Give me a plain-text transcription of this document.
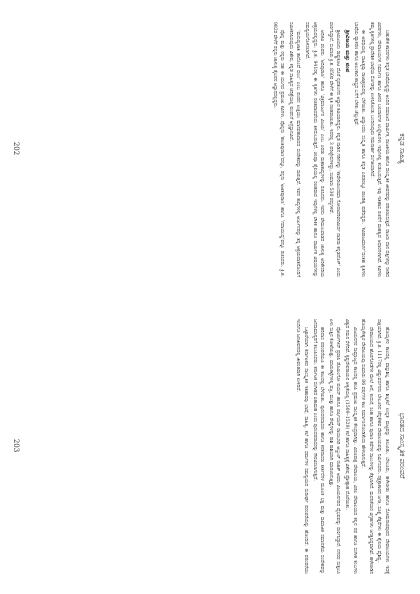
ಕನ್ನಡ ಸಾಹಿತ್ಯ

ಬಹುತೇಕ ಶಾಸನಗಳು ಕನ್ನಡ ಭಾಷೆಯಲ್ಲಿದ್ದು ಅಂದಿನ ಸಮಾಜದ ಧಾರ್ಮಿಕ, ರಾಜಕೀಯ ಹಾಗೂ ಸಾಂಸ್ಕೃತಿಕ ಜೀವನವನ್ನು ಪರಿಚಯಿಸುತ್ತವೆ. ರಾಜರು ದಾನ ದತ್ತಿಗಳನ್ನು ನೀಡಿದ ವಿವರಗಳು, ದೇವಾಲಯಗಳ ನಿರ್ಮಾಣ ಹಾಗೂ ವೀರರ ಬಲಿದಾನಗಳ ಉಲ್ಲೇಖಗಳು ಇವುಗಳಲ್ಲಿ ಕಂಡುಬರುತ್ತವೆ. ಇವು ಇತಿಹಾಸ ರಚನೆಗೆ ಮಹತ್ವದ ಆಧಾರಗಳಾಗಿವೆ. ಕವಿಗಳು ತಮ್ಮ ಕೃತಿಗಳಲ್ಲಿ ಪ್ರಾದೇಶಿಕ ಭಾಷೆಯ ಸೊಗಡನ್ನು ಉಳಿಸಿಕೊಂಡು ಬಂದಿರುವುದು ಗಮನಾರ್ಹ ಸಂಗತಿಯಾಗಿದೆ.

ಈ ಅವಧಿಯಲ್ಲಿ ಸಾಹಿತ್ಯವು ರಾಜಾಶ್ರಯದಲ್ಲಿ ಬೆಳೆಯಿತು. ವಿದ್ವಾಂಸರು ಸಂಸ್ಕೃತ ಹಾಗೂ ಕನ್ನಡ ಎರಡರಲ್ಲೂ ಪಾಂಡಿತ್ಯ ಪಡೆದಿದ್ದರು. ‘ಕವಿರಾಜಮಾರ್ಗ’ದಂತಹ ಕೃತಿಗಳು ಭಾಷೆಯ ವ್ಯಾಕರಣ ಹಾಗೂ ಅಲಂಕಾರ ಶಾಸ್ತ್ರದ ಬಗೆಗೆ ಬೆಳಕು ಚೆಲ್ಲುತ್ತವೆ.

ಶ್ರೀವಿಜಯ ಮತ್ತು ಪಂಪ

ಶ್ರೀವಿಜಯನು ರಾಷ್ಟ್ರಕೂಟ ದೊರೆ ನೃಪತುಂಗನ ಆಸ್ಥಾನ ಕವಿಯಾಗಿದ್ದನು. ಕನ್ನಡ ನಾಡಿನ ಗಡಿಗಳನ್ನು ‘ಕಾವೇರಿಯಿಂದಮಾ ಗೋದಾವರಿವರಮಿರ್ದ ನಾಡದಾ ಕನ್ನಡದೊಳ್’ ಎಂದು ವರ್ಣಿಸಿದ್ದಾನೆ. ಸುಮಾರು ಕ್ರಿ.ಶ. 850ರ ವೇಳೆಗೆ ಈ ಕೃತಿ ರಚಿತವಾಯಿತು. ಇದರಲ್ಲಿ 3 ಪರಿಚ್ಛೇದಗಳಿದ್ದು, ಸುಮಾರು 530 ಪದ್ಯಗಳಿವೆ.

ಆದಿಕವಿ ಪಂಪನು ‘ಆದಿಪುರಾಣ’ ಹಾಗೂ ‘ವಿಕ್ರಮಾರ್ಜುನ ವಿಜಯ’ ಎಂಬ ಎರಡು ಮಹಾಕಾವ್ಯಗಳನ್ನು ರಚಿಸಿದನು. ಇವನು ವೇಮುಲವಾಡದ ಚಾಳುಕ್ಯ ಅರಿಕೇಸರಿಯ ಆಶ್ರಯದಲ್ಲಿದ್ದನು. ಕ್ರಿ.ಶ. 941ರಲ್ಲಿ ಈ ಕೃತಿಗಳು ರಚಿತವಾದವೆಂದು ತಿಳಿದುಬರುತ್ತದೆ. ಚಂಪೂ ಶೈಲಿಯಲ್ಲಿ ರಚಿತವಾದ ಇವುಗಳಲ್ಲಿ ಲೌಕಿಕ ಹಾಗೂ ಧಾರ್ಮಿಕ ವಿಷಯಗಳನ್ನು ಸಮನ್ವಯಗೊಳಿಸಲಾಗಿದೆ.

‘ಮನುಷ್ಯಜಾತಿ ತಾನೊಂದೆ ವಲಂ’ ಎಂಬ ಪಂಪನ ಉಕ್ತಿಯು ಮಾನವತಾವಾದದ ಸಂದೇಶವನ್ನು ಸಾರುತ್ತದೆ. ಇವನ ಕಾವ್ಯಗಳಲ್ಲಿ ಅರ್ಜುನನನ್ನು ತನ್ನ ಆಶ್ರಯದಾತನೊಂದಿಗೆ ಸಮೀಕರಿಸಿರುವುದು ವಿಶೇಷ. ಕನ್ನಡ ಸಾಹಿತ್ಯದ ಚರಿತ್ರೆಯಲ್ಲಿ ಪಂಪನಿಗೆ ಅಗ್ರಸ್ಥಾನವಿದೆ.

ಪೊನ್ನ ಮತ್ತು ರನ್ನರು ಸಹ ಈ ಯುಗದ ಪ್ರಮುಖ ಕವಿಗಳು. ಪೊನ್ನನು ‘ಶಾಂತಿಪುರಾಣ’ವನ್ನೂ, ರನ್ನನು ‘ಅಜಿತಪುರಾಣ’ ಹಾಗೂ ‘ಗದಾಯುದ್ಧ’ವನ್ನೂ ರಚಿಸಿದರು. ಕ್ರಿ.ಶ. 982ರ ವೇಳೆಗೆ ರನ್ನನು ಚಾಳುಕ್ಯ ತೈಲಪನ ಆಸ್ಥಾನದಲ್ಲಿದ್ದನು.

202
ಭಾರತದ ಸಾಂಸ್ಕೃತಿಕ ಪರಂಪರೆ

ಹೊಯ್ಸಳರ ಕಾಲದಲ್ಲಿ ವಾಸ್ತುಶಿಲ್ಪ ಹಾಗೂ ಶಿಲ್ಪಕಲೆ ಉನ್ನತ ಮಟ್ಟವನ್ನು ತಲುಪಿತು. ಬೇಲೂರು, ಹಳೇಬೀಡು ಹಾಗೂ ಸೋಮನಾಥಪುರದ ದೇವಾಲಯಗಳು ಇದಕ್ಕೆ ಸಾಕ್ಷಿಯಾಗಿವೆ. ಕ್ರಿ.ಶ. 1117ರಲ್ಲಿ ವಿಷ್ಣುವರ್ಧನನು ಬೇಲೂರಿನ ಚೆನ್ನಕೇಶವ ದೇವಾಲಯವನ್ನು ನಿರ್ಮಿಸಿದನು. ನಕ್ಷತ್ರಾಕಾರದ ಜಗತಿ, ಸೂಕ್ಷ್ಮ ಕೆತ್ತನೆಗಳು ಈ ಶೈಲಿಯ ವೈಶಿಷ್ಟ್ಯ.

ದೇವಾಲಯದ ಹೊರಗೋಡೆಗಳ ಮೇಲೆ ಆನೆ, ಕುದುರೆ, ಸಿಂಹ ಹಾಗೂ ಪುರಾಣ ಕಥೆಗಳ ಸಾಲುಗಳನ್ನು ಕೆತ್ತಲಾಗಿದೆ. ಮದನಿಕೆಯರ ವಿಗ್ರಹಗಳು ಜಗತ್ಪ್ರಸಿದ್ಧವಾಗಿವೆ. ಹಳೇಬೀಡಿನ ಹೊಯ್ಸಳೇಶ್ವರ ದೇವಾಲಯವು ಸುಮಾರು 86 ವರ್ಷಗಳ ಕಾಲ ನಿರ್ಮಾಣಗೊಂಡಿತೆಂದು ಹೇಳಲಾಗುತ್ತದೆ.

ವಿಜಯನಗರ ಸಾಮ್ರಾಜ್ಯದ ಕಾಲದಲ್ಲಿ ಹಂಪಿ ಪ್ರಮುಖ ಸಾಂಸ್ಕೃತಿಕ ಕೇಂದ್ರವಾಗಿತ್ತು. ವಿರೂಪಾಕ್ಷ ದೇವಾಲಯ, ವಿಠಲ ದೇವಾಲಯದ ಕಲ್ಲಿನ ರಥ ಹಾಗೂ ಸಂಗೀತ ಕಂಬಗಳು ವಿಶ್ವದ ಗಮನ ಸೆಳೆದಿವೆ. ಕೃಷ್ಣದೇವರಾಯನ ಆಳ್ವಿಕೆಯಲ್ಲಿ (1509–1529) ಕಲೆ ಹಾಗೂ ಸಾಹಿತ್ಯಕ್ಕೆ ವಿಶೇಷ ಪ್ರೋತ್ಸಾಹ ದೊರೆಯಿತು.

ಪೋರ್ಚುಗೀಸ್ ಪ್ರವಾಸಿ ಡೊಮಿಂಗೋ ಪಯಸ್ ಹಾಗೂ ಪರ್ಷಿಯನ್ ರಾಯಭಾರಿ ಅಬ್ದುಲ್ ರಜಾಕ್ ಅವರು ವಿಜಯನಗರದ ವೈಭವವನ್ನು ವರ್ಣಿಸಿದ್ದಾರೆ. ನಗರದ ಸುತ್ತಲೂ ಏಳು ಸುತ್ತಿನ ಕೋಟೆಯಿತ್ತು. ಮಾರುಕಟ್ಟೆಗಳಲ್ಲಿ ವಜ್ರ, ಮುತ್ತು ಹಾಗೂ ರೇಷ್ಮೆಗಳನ್ನು ರಾಶಿ ರಾಶಿಯಾಗಿ ಮಾರಲಾಗುತ್ತಿತ್ತು.

ಹರಿದಾಸ ಪರಂಪರೆಯೂ ಈ ಕಾಲದಲ್ಲಿ ಬೆಳೆಯಿತು. ಪುರಂದರದಾಸರು ಹಾಗೂ ಕನಕದಾಸರು ಕೀರ್ತನೆಗಳ ಮೂಲಕ ಭಕ್ತಿ ಮತ್ತು ಸಾಮಾಜಿಕ ಸಮಾನತೆಯ ಸಂದೇಶವನ್ನು ಜನಸಾಮಾನ್ಯರಿಗೆ ತಲುಪಿಸಿದರು. ಕರ್ನಾಟಕ ಸಂಗೀತದ ಪಿತಾಮಹ ಎಂದು ಪುರಂದರದಾಸರನ್ನು ಗೌರವಿಸಲಾಗುತ್ತದೆ.

ಒಟ್ಟಾರೆಯಾಗಿ ಕರ್ನಾಟಕದ ಸಾಂಸ್ಕೃತಿಕ ಇತಿಹಾಸವು ಭಾಷೆ, ಸಾಹಿತ್ಯ, ಕಲೆ ಹಾಗೂ ಧರ್ಮಗಳ ಸಮನ್ವಯದ ಸುದೀರ್ಘ ಪರಂಪರೆಯನ್ನು ಹೊಂದಿದೆ. ಈ ಪರಂಪರೆಯು ಇಂದಿಗೂ ಜನಜೀವನದಲ್ಲಿ ಜೀವಂತವಾಗಿ ಉಳಿದಿದೆ.

203
